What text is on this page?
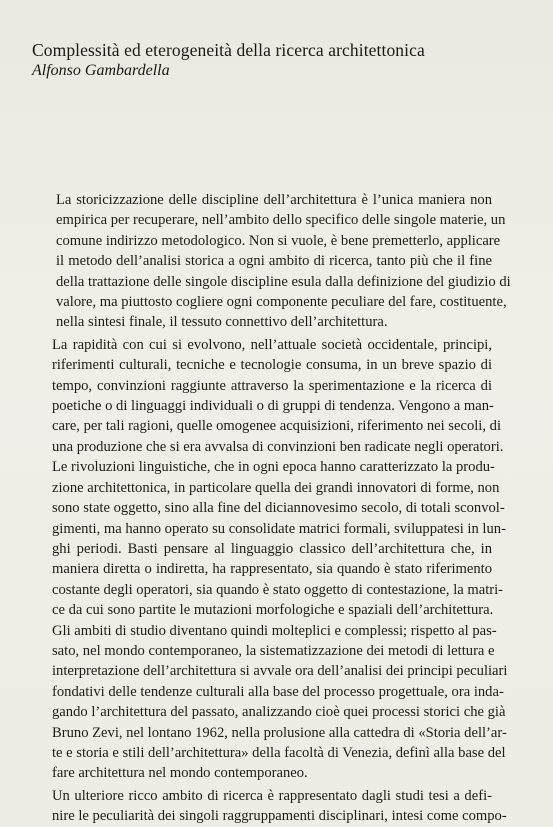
Complessità ed eterogeneità della ricerca architettonica
Alfonso Gambardella

La storicizzazione delle discipline dell’architettura è l’unica maniera non
empirica per recuperare, nell’ambito dello specifico delle singole materie, un
comune indirizzo metodologico. Non si vuole, è bene premetterlo, applicare
il metodo dell’analisi storica a ogni ambito di ricerca, tanto più che il fine
della trattazione delle singole discipline esula dalla definizione del giudizio di
valore, ma piuttosto cogliere ogni componente peculiare del fare, costituente,
nella sintesi finale, il tessuto connettivo dell’architettura.

La rapidità con cui si evolvono, nell’attuale società occidentale, principi,
riferimenti culturali, tecniche e tecnologie consuma, in un breve spazio di
tempo, convinzioni raggiunte attraverso la sperimentazione e la ricerca di
poetiche o di linguaggi individuali o di gruppi di tendenza. Vengono a man-
care, per tali ragioni, quelle omogenee acquisizioni, riferimento nei secoli, di
una produzione che si era avvalsa di convinzioni ben radicate negli operatori.
Le rivoluzioni linguistiche, che in ogni epoca hanno caratterizzato la produ-
zione architettonica, in particolare quella dei grandi innovatori di forme, non
sono state oggetto, sino alla fine del diciannovesimo secolo, di totali sconvol-
gimenti, ma hanno operato su consolidate matrici formali, sviluppatesi in lun-
ghi periodi. Basti pensare al linguaggio classico dell’architettura che, in
maniera diretta o indiretta, ha rappresentato, sia quando è stato riferimento
costante degli operatori, sia quando è stato oggetto di contestazione, la matri-
ce da cui sono partite le mutazioni morfologiche e spaziali dell’architettura.
Gli ambiti di studio diventano quindi molteplici e complessi; rispetto al pas-
sato, nel mondo contemporaneo, la sistematizzazione dei metodi di lettura e
interpretazione dell’architettura si avvale ora dell’analisi dei principi peculiari
fondativi delle tendenze culturali alla base del processo progettuale, ora inda-
gando l’architettura del passato, analizzando cioè quei processi storici che già
Bruno Zevi, nel lontano 1962, nella prolusione alla cattedra di «Storia dell’ar-
te e storia e stili dell’architettura» della facoltà di Venezia, definì alla base del
fare architettura nel mondo contemporaneo.

Un ulteriore ricco ambito di ricerca è rappresentato dagli studi tesi a defi-
nire le peculiarità dei singoli raggruppamenti disciplinari, intesi come compo-
